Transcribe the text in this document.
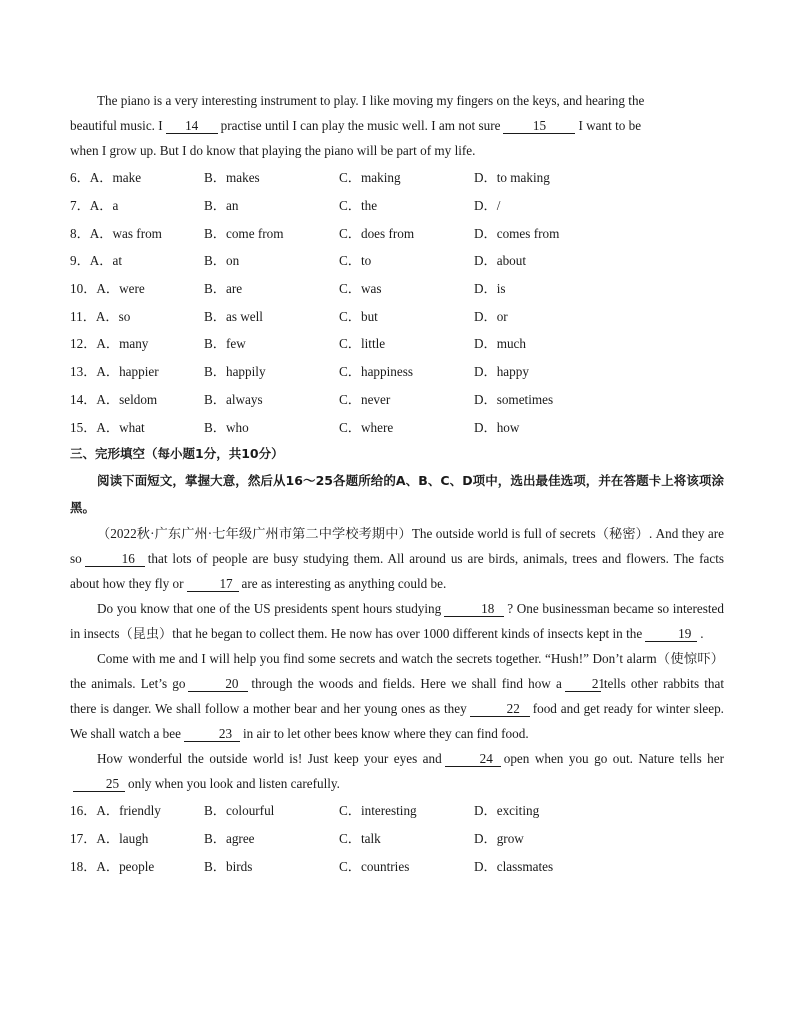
The piano is a very interesting instrument to play. I like moving my fingers on the keys, and hearing the

beautiful music. I 14 practise until I can play the music well. I am not sure 15 I want to be

when I grow up. But I do know that playing the piano will be part of my life.

6．A．make	B．makes	C．making	D．to making
7．A．a	B．an	C．the	D．/
8．A．was from	B．come from	C．does from	D．comes from
9．A．at	B．on	C．to	D．about
10．A．were	B．are	C．was	D．is
11．A．so	B．as well	C．but	D．or
12．A．many	B．few	C．little	D．much
13．A．happier	B．happily	C．happiness	D．happy
14．A．seldom	B．always	C．never	D．sometimes
15．A．what	B．who	C．where	D．how
三、完形填空（每小题1分，共10分）

阅读下面短文，掌握大意，然后从16～25各题所给的A、B、C、D项中，选出最佳选项，并在答题卡上将该项涂黑。

（2022秋·广东广州·七年级广州市第二中学校考期中）The outside world is full of secrets（秘密）. And they are so	16 that lots of people are busy studying them. All around us are birds, animals, trees and flowers. The facts about how they fly or	17 are as interesting as anything could be.

Do you know that one of the US presidents spent hours studying	18 ? One businessman became so interested in insects（昆虫）that he began to collect them. He now has over 1000 different kinds of insects kept in the	19 .

Come with me and I will help you find some secrets and watch the secrets together. “Hush!” Don’t alarm（使惊吓）the animals. Let’s go	20 through the woods and fields. Here we shall find how a 21tells other rabbits that there is danger. We shall follow a mother bear and her young ones as they	22 food and get ready for winter sleep. We shall watch a bee	23 in air to let other bees know where they can find food.

How wonderful the outside world is! Just keep your eyes and	24 open when you go out. Nature tells her25 only when you look and listen carefully.

16．A．friendly	B．colourful	C．interesting	D．exciting
17．A．laugh	B．agree	C．talk	D．grow
18．A．people	B．birds	C．countries	D．classmates
